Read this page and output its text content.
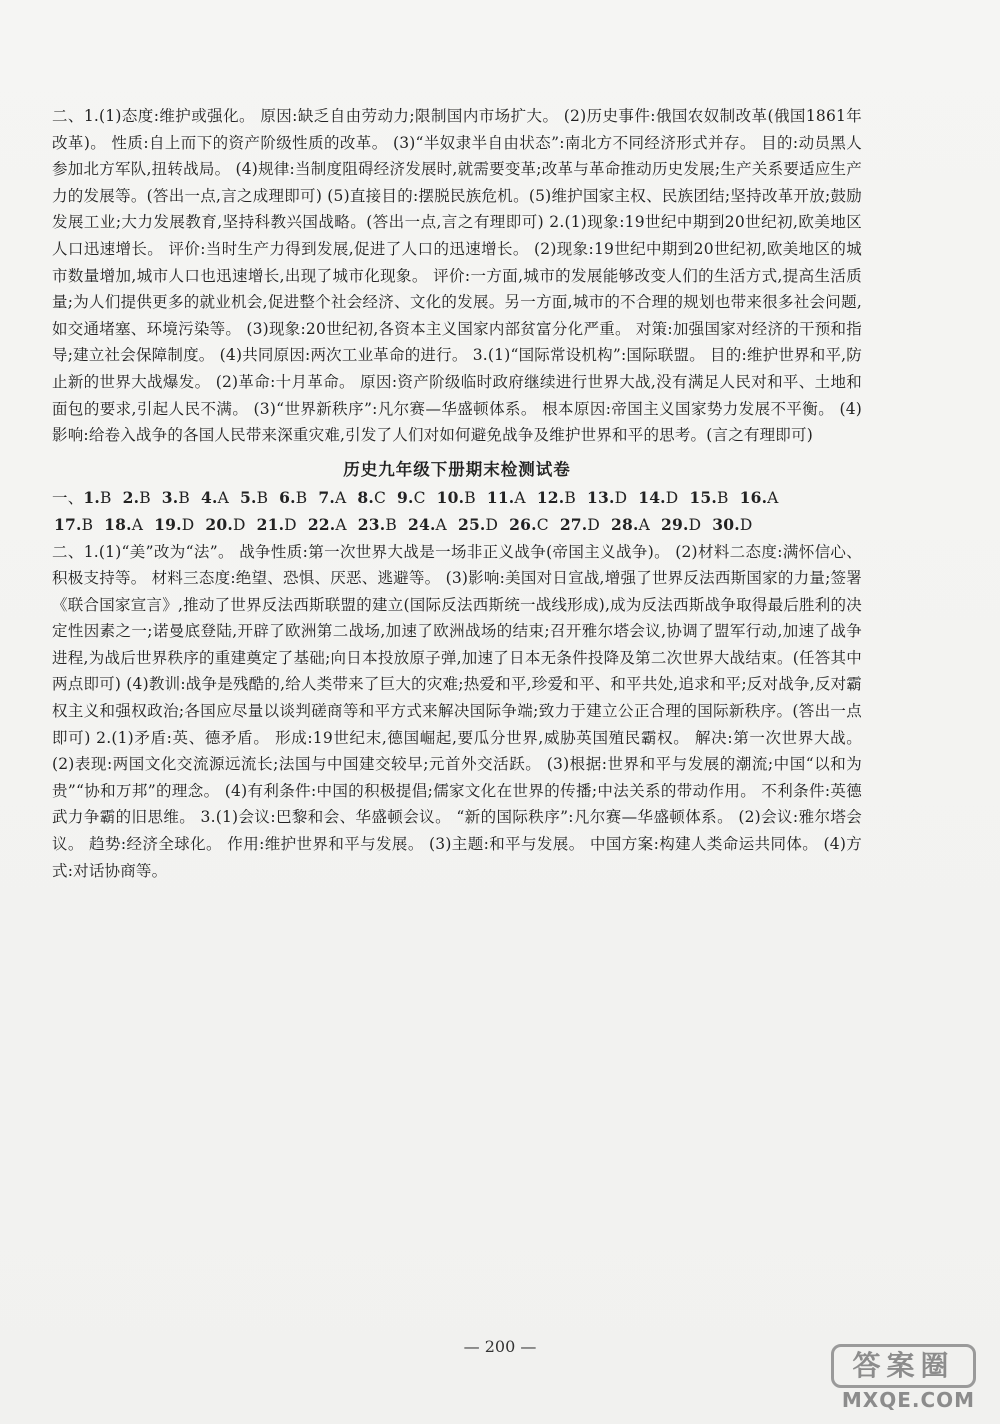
二、1.(1)态度:维护或强化。 原因:缺乏自由劳动力;限制国内市场扩大。 (2)历史事件:俄国农奴制改革(俄国1861年改革)。 性质:自上而下的资产阶级性质的改革。 (3)“半奴隶半自由状态”:南北方不同经济形式并存。 目的:动员黑人参加北方军队,扭转战局。 (4)规律:当制度阻碍经济发展时,就需要变革;改革与革命推动历史发展;生产关系要适应生产力的发展等。(答出一点,言之成理即可) (5)直接目的:摆脱民族危机。(5)维护国家主权、民族团结;坚持改革开放;鼓励发展工业;大力发展教育,坚持科教兴国战略。(答出一点,言之有理即可) 2.(1)现象:19世纪中期到20世纪初,欧美地区人口迅速增长。 评价:当时生产力得到发展,促进了人口的迅速增长。 (2)现象:19世纪中期到20世纪初,欧美地区的城市数量增加,城市人口也迅速增长,出现了城市化现象。 评价:一方面,城市的发展能够改变人们的生活方式,提高生活质量;为人们提供更多的就业机会,促进整个社会经济、文化的发展。另一方面,城市的不合理的规划也带来很多社会问题,如交通堵塞、环境污染等。 (3)现象:20世纪初,各资本主义国家内部贫富分化严重。 对策:加强国家对经济的干预和指导;建立社会保障制度。 (4)共同原因:两次工业革命的进行。 3.(1)“国际常设机构”:国际联盟。 目的:维护世界和平,防止新的世界大战爆发。 (2)革命:十月革命。 原因:资产阶级临时政府继续进行世界大战,没有满足人民对和平、土地和面包的要求,引起人民不满。 (3)“世界新秩序”:凡尔赛—华盛顿体系。 根本原因:帝国主义国家势力发展不平衡。 (4)影响:给卷入战争的各国人民带来深重灾难,引发了人们对如何避免战争及维护世界和平的思考。(言之有理即可)

历史九年级下册期末检测试卷

一、1.B 2.B 3.B 4.A 5.B 6.B 7.A 8.C 9.C 10.B 11.A 12.B 13.D 14.D 15.B 16.A

17.B 18.A 19.D 20.D 21.D 22.A 23.B 24.A 25.D 26.C 27.D 28.A 29.D 30.D

二、1.(1)“美”改为“法”。 战争性质:第一次世界大战是一场非正义战争(帝国主义战争)。 (2)材料二态度:满怀信心、积极支持等。 材料三态度:绝望、恐惧、厌恶、逃避等。 (3)影响:美国对日宣战,增强了世界反法西斯国家的力量;签署《联合国家宣言》,推动了世界反法西斯联盟的建立(国际反法西斯统一战线形成),成为反法西斯战争取得最后胜利的决定性因素之一;诺曼底登陆,开辟了欧洲第二战场,加速了欧洲战场的结束;召开雅尔塔会议,协调了盟军行动,加速了战争进程,为战后世界秩序的重建奠定了基础;向日本投放原子弹,加速了日本无条件投降及第二次世界大战结束。(任答其中两点即可) (4)教训:战争是残酷的,给人类带来了巨大的灾难;热爱和平,珍爱和平、和平共处,追求和平;反对战争,反对霸权主义和强权政治;各国应尽量以谈判磋商等和平方式来解决国际争端;致力于建立公正合理的国际新秩序。(答出一点即可) 2.(1)矛盾:英、德矛盾。 形成:19世纪末,德国崛起,要瓜分世界,威胁英国殖民霸权。 解决:第一次世界大战。 (2)表现:两国文化交流源远流长;法国与中国建交较早;元首外交活跃。 (3)根据:世界和平与发展的潮流;中国“以和为贵”“协和万邦”的理念。 (4)有利条件:中国的积极提倡;儒家文化在世界的传播;中法关系的带动作用。 不利条件:英德武力争霸的旧思维。 3.(1)会议:巴黎和会、华盛顿会议。 “新的国际秩序”:凡尔赛—华盛顿体系。 (2)会议:雅尔塔会议。 趋势:经济全球化。 作用:维护世界和平与发展。 (3)主题:和平与发展。 中国方案:构建人类命运共同体。 (4)方式:对话协商等。

— 200 —
答案圈
MXQE.COM
